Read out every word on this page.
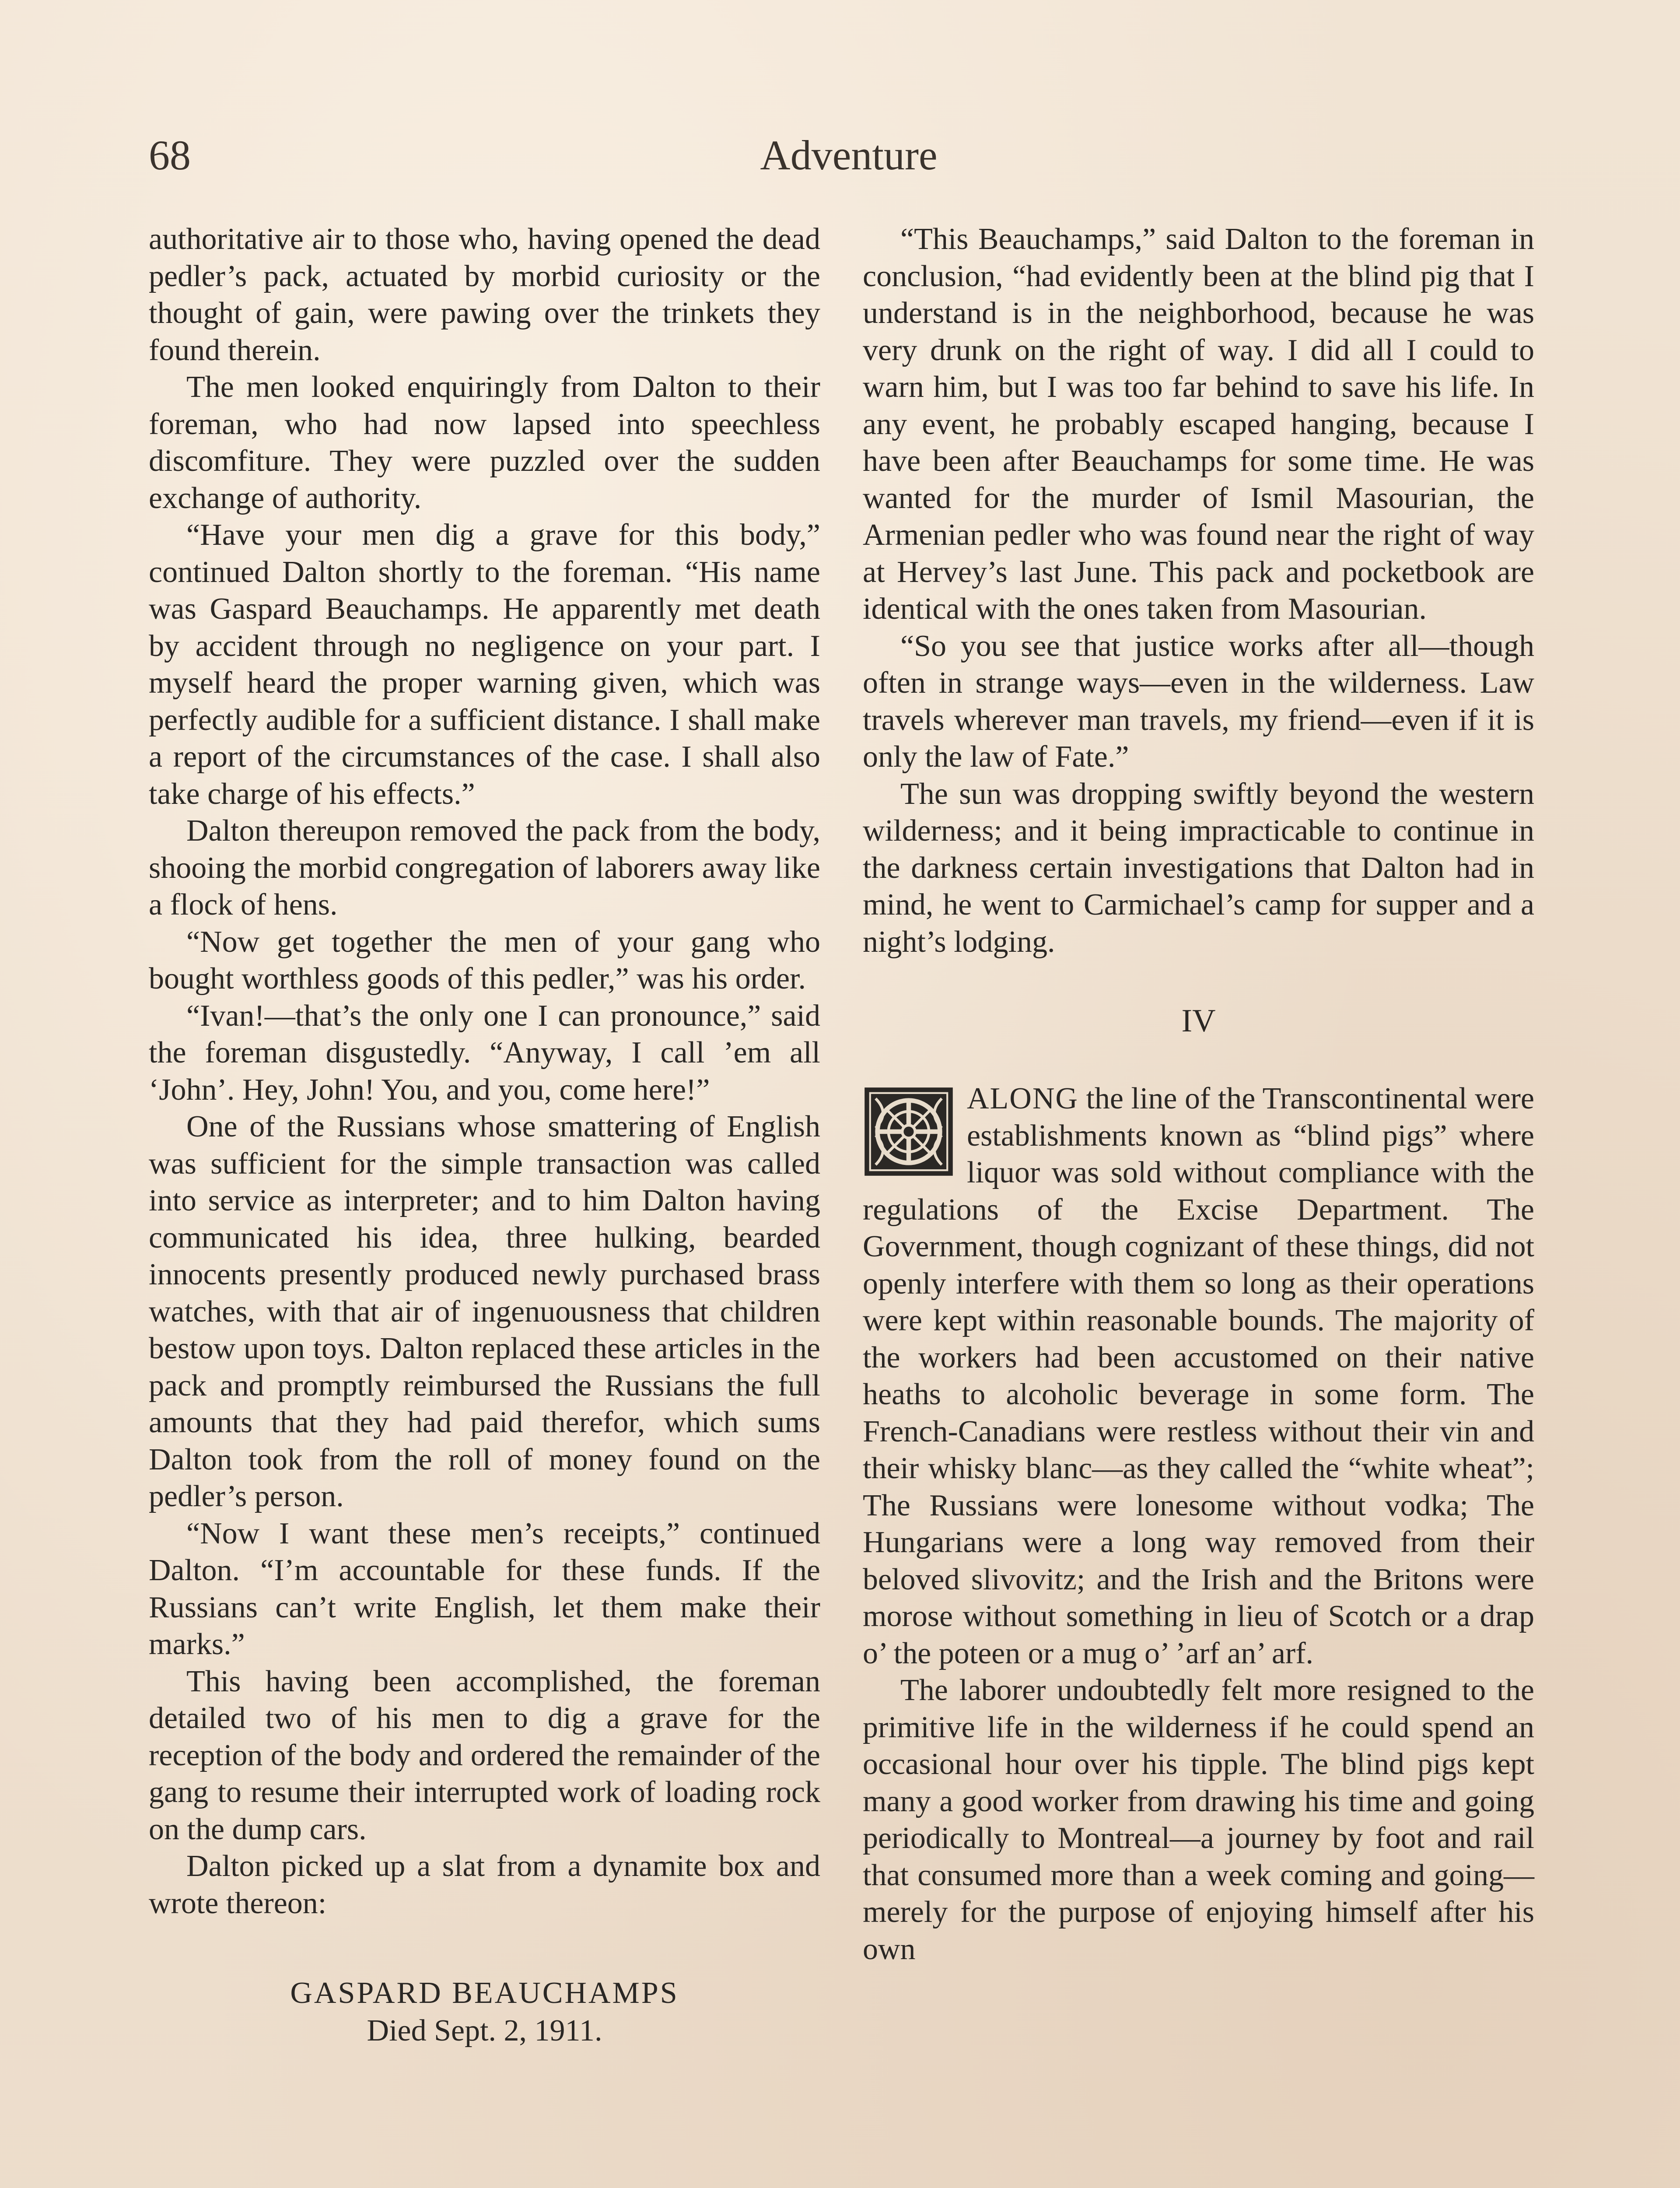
68	Adventure

authoritative air to those who, having opened the dead pedler’s pack, actuated by morbid curiosity or the thought of gain, were pawing over the trinkets they found therein.

The men looked enquiringly from Dalton to their foreman, who had now lapsed into speechless discomfiture. They were puzzled over the sudden exchange of authority.

“Have your men dig a grave for this body,” continued Dalton shortly to the foreman. “His name was Gaspard Beauchamps. He apparently met death by accident through no negligence on your part. I myself heard the proper warning given, which was perfectly audible for a sufficient distance. I shall make a report of the circumstances of the case. I shall also take charge of his effects.”

Dalton thereupon removed the pack from the body, shooing the morbid congregation of laborers away like a flock of hens.

“Now get together the men of your gang who bought worthless goods of this pedler,” was his order.

“Ivan!—that’s the only one I can pronounce,” said the foreman disgustedly. “Anyway, I call ’em all ‘John’. Hey, John! You, and you, come here!”

One of the Russians whose smattering of English was sufficient for the simple transaction was called into service as interpreter; and to him Dalton having communicated his idea, three hulking, bearded innocents presently produced newly purchased brass watches, with that air of ingenuousness that children bestow upon toys. Dalton replaced these articles in the pack and promptly reimbursed the Russians the full amounts that they had paid therefor, which sums Dalton took from the roll of money found on the pedler’s person.

“Now I want these men’s receipts,” continued Dalton. “I’m accountable for these funds. If the Russians can’t write English, let them make their marks.”

This having been accomplished, the foreman detailed two of his men to dig a grave for the reception of the body and ordered the remainder of the gang to resume their interrupted work of loading rock on the dump cars.

Dalton picked up a slat from a dynamite box and wrote thereon:

GASPARD BEAUCHAMPS
Died Sept. 2, 1911.

“This Beauchamps,” said Dalton to the foreman in conclusion, “had evidently been at the blind pig that I understand is in the neighborhood, because he was very drunk on the right of way. I did all I could to warn him, but I was too far behind to save his life. In any event, he probably escaped hanging, because I have been after Beauchamps for some time. He was wanted for the murder of Ismil Masourian, the Armenian pedler who was found near the right of way at Hervey’s last June. This pack and pocketbook are identical with the ones taken from Masourian.

“So you see that justice works after all—though often in strange ways—even in the wilderness. Law travels wherever man travels, my friend—even if it is only the law of Fate.”

The sun was dropping swiftly beyond the western wilderness; and it being impracticable to continue in the darkness certain investigations that Dalton had in mind, he went to Carmichael’s camp for supper and a night’s lodging.

IV

ALONG the line of the Transcontinental were establishments known as “blind pigs” where liquor was sold without compliance with the regulations of the Excise Department. The Government, though cognizant of these things, did not openly interfere with them so long as their operations were kept within reasonable bounds. The majority of the workers had been accustomed on their native heaths to alcoholic beverage in some form. The French-Canadians were restless without their vin and their whisky blanc—as they called the “white wheat”; The Russians were lonesome without vodka; The Hungarians were a long way removed from their beloved slivovitz; and the Irish and the Britons were morose without something in lieu of Scotch or a drap o’ the poteen or a mug o’ ’arf an’ arf.

The laborer undoubtedly felt more resigned to the primitive life in the wilderness if he could spend an occasional hour over his tipple. The blind pigs kept many a good worker from drawing his time and going periodically to Montreal—a journey by foot and rail that consumed more than a week coming and going—merely for the purpose of enjoying himself after his own
